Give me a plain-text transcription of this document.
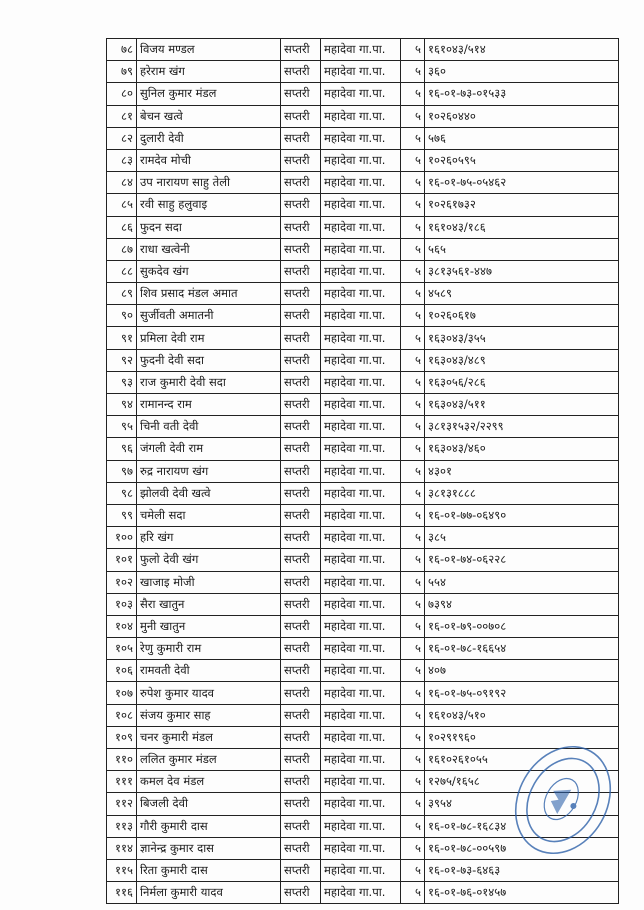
७८	विजय मण्डल	सप्तरी	महादेवा गा.पा.	५	१६१०४३/५१४
७९	हरेराम खंग	सप्तरी	महादेवा गा.पा.	५	३६०
८०	सुनिल कुमार मंडल	सप्तरी	महादेवा गा.पा.	५	१६-०१-७३-०१५३३
८१	बेचन खत्वे	सप्तरी	महादेवा गा.पा.	५	१०२६०४४०
८२	दुलारी देवी	सप्तरी	महादेवा गा.पा.	५	५७६
८३	रामदेव मोची	सप्तरी	महादेवा गा.पा.	५	१०२६०५९५
८४	उप नारायण साहु तेली	सप्तरी	महादेवा गा.पा.	५	१६-०१-७५-०५४६२
८५	रवी साहु हलुवाइ	सप्तरी	महादेवा गा.पा.	५	१०२६१७३२
८६	फुदन सदा	सप्तरी	महादेवा गा.पा.	५	१६१०४३/१८६
८७	राधा खत्वेनी	सप्तरी	महादेवा गा.पा.	५	५६५
८८	सुकदेव खंग	सप्तरी	महादेवा गा.पा.	५	३८१३५६१-४४७
८९	शिव प्रसाद मंडल अमात	सप्तरी	महादेवा गा.पा.	५	४५८९
९०	सुर्जीवती अमातनी	सप्तरी	महादेवा गा.पा.	५	१०२६०६१७
९१	प्रमिला देवी राम	सप्तरी	महादेवा गा.पा.	५	१६३०४३/३५५
९२	फुदनी देवी सदा	सप्तरी	महादेवा गा.पा.	५	१६३०४३/४८९
९३	राज कुमारी देवी सदा	सप्तरी	महादेवा गा.पा.	५	१६३०५६/२८६
९४	रामानन्द राम	सप्तरी	महादेवा गा.पा.	५	१६३०४३/५११
९५	चिनी वती देवी	सप्तरी	महादेवा गा.पा.	५	३८१३१५३२/२२९९
९६	जंगली देवी राम	सप्तरी	महादेवा गा.पा.	५	१६३०४३/४६०
९७	रुद्र नारायण खंग	सप्तरी	महादेवा गा.पा.	५	४३०१
९८	झोलवी देवी खत्वे	सप्तरी	महादेवा गा.पा.	५	३८१३१८८८
९९	चमेली सदा	सप्तरी	महादेवा गा.पा.	५	१६-०१-७७-०६४९०
१००	हरि खंग	सप्तरी	महादेवा गा.पा.	५	३८५
१०१	फुलो देवी खंग	सप्तरी	महादेवा गा.पा.	५	१६-०१-७४-०६२२८
१०२	खाजाइ मोजी	सप्तरी	महादेवा गा.पा.	५	५५४
१०३	सैरा खातुन	सप्तरी	महादेवा गा.पा.	५	७३९४
१०४	मुनी खातुन	सप्तरी	महादेवा गा.पा.	५	१६-०१-७९-००७०८
१०५	रेणु कुमारी राम	सप्तरी	महादेवा गा.पा.	५	१६-०१-७८-१६६५४
१०६	रामवती देवी	सप्तरी	महादेवा गा.पा.	५	४०७
१०७	रुपेश कुमार यादव	सप्तरी	महादेवा गा.पा.	५	१६-०१-७५-०९१९२
१०८	संजय कुमार साह	सप्तरी	महादेवा गा.पा.	५	१६१०४३/५१०
१०९	चनर कुमारी मंडल	सप्तरी	महादेवा गा.पा.	५	१०२९१९६०
११०	ललित कुमार मंडल	सप्तरी	महादेवा गा.पा.	५	१६१०२६१०५५
१११	कमल देव मंडल	सप्तरी	महादेवा गा.पा.	५	१२७५/१६५८
११२	बिजली देवी	सप्तरी	महादेवा गा.पा.	५	३९५४
११३	गौरी कुमारी दास	सप्तरी	महादेवा गा.पा.	५	१६-०१-७८-१६८३४
११४	ज्ञानेन्द्र कुमार दास	सप्तरी	महादेवा गा.पा.	५	१६-०१-७८-००५९७
११५	रिता कुमारी दास	सप्तरी	महादेवा गा.पा.	५	१६-०१-७३-६४६३
११६	निर्मला कुमारी यादव	सप्तरी	महादेवा गा.पा.	५	१६-०१-७६-०१४५७
